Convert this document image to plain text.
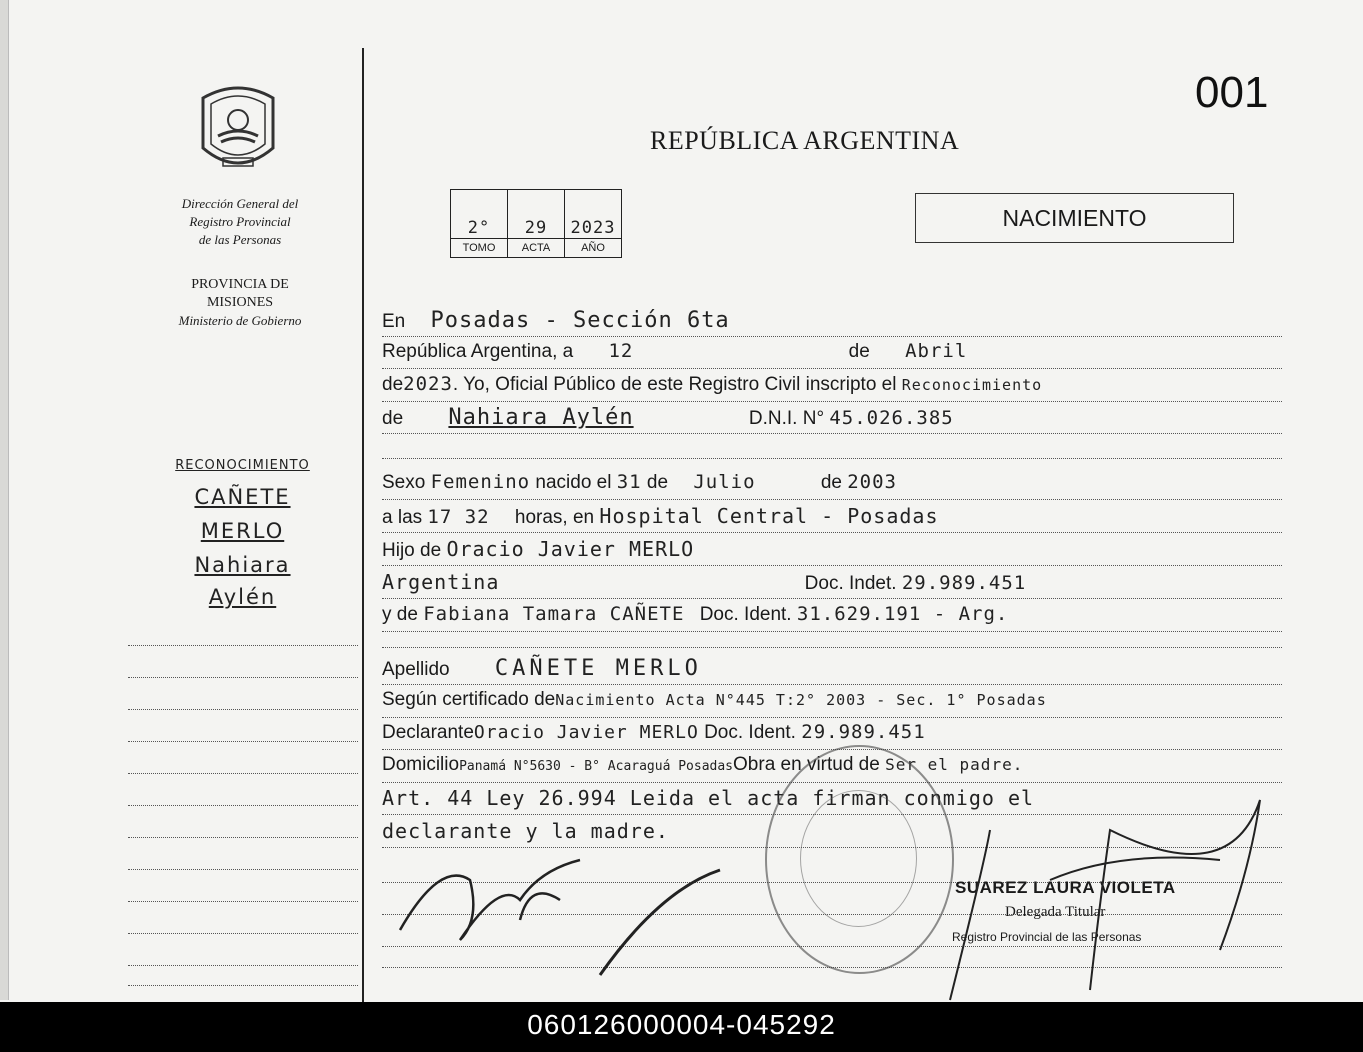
Dirección General del
Registro Provincial
de las Personas
PROVINCIA DE
MISIONES
Ministerio de Gobierno
RECONOCIMIENTO
CAÑETE
MERLO
Nahiara
Aylén
001
REPÚBLICA ARGENTINA
NACIMIENTO
2°	29	2023
TOMO	ACTA	AÑO
En Posadas - Sección 6ta
República Argentina, a 12	de Abril
de2023. Yo, Oficial Público de este Registro Civil inscripto el Reconocimiento
de Nahiara Aylén	D.N.I. N° 45.026.385
Sexo Femenino nacido el 31 de Julio	de 2003
a las 17 32 horas, en Hospital Central - Posadas
Hijo de Oracio Javier MERLO
Argentina	Doc. Indet. 29.989.451
y de Fabiana Tamara CAÑETE Doc. Ident. 31.629.191 - Arg.
Apellido CAÑETE MERLO
Según certificado deNacimiento Acta N°445 T:2° 2003 - Sec. 1° Posadas
DeclaranteOracio Javier MERLO Doc. Ident. 29.989.451
DomicilioPanamá N°5630 - B° Acaraguá PosadasObra en virtud de Ser el padre.
Art. 44 Ley 26.994 Leida el acta firman conmigo el
declarante y la madre.
SUAREZ LAURA VIOLETA
Delegada Titular
Registro Provincial de las Personas
060126000004-045292
